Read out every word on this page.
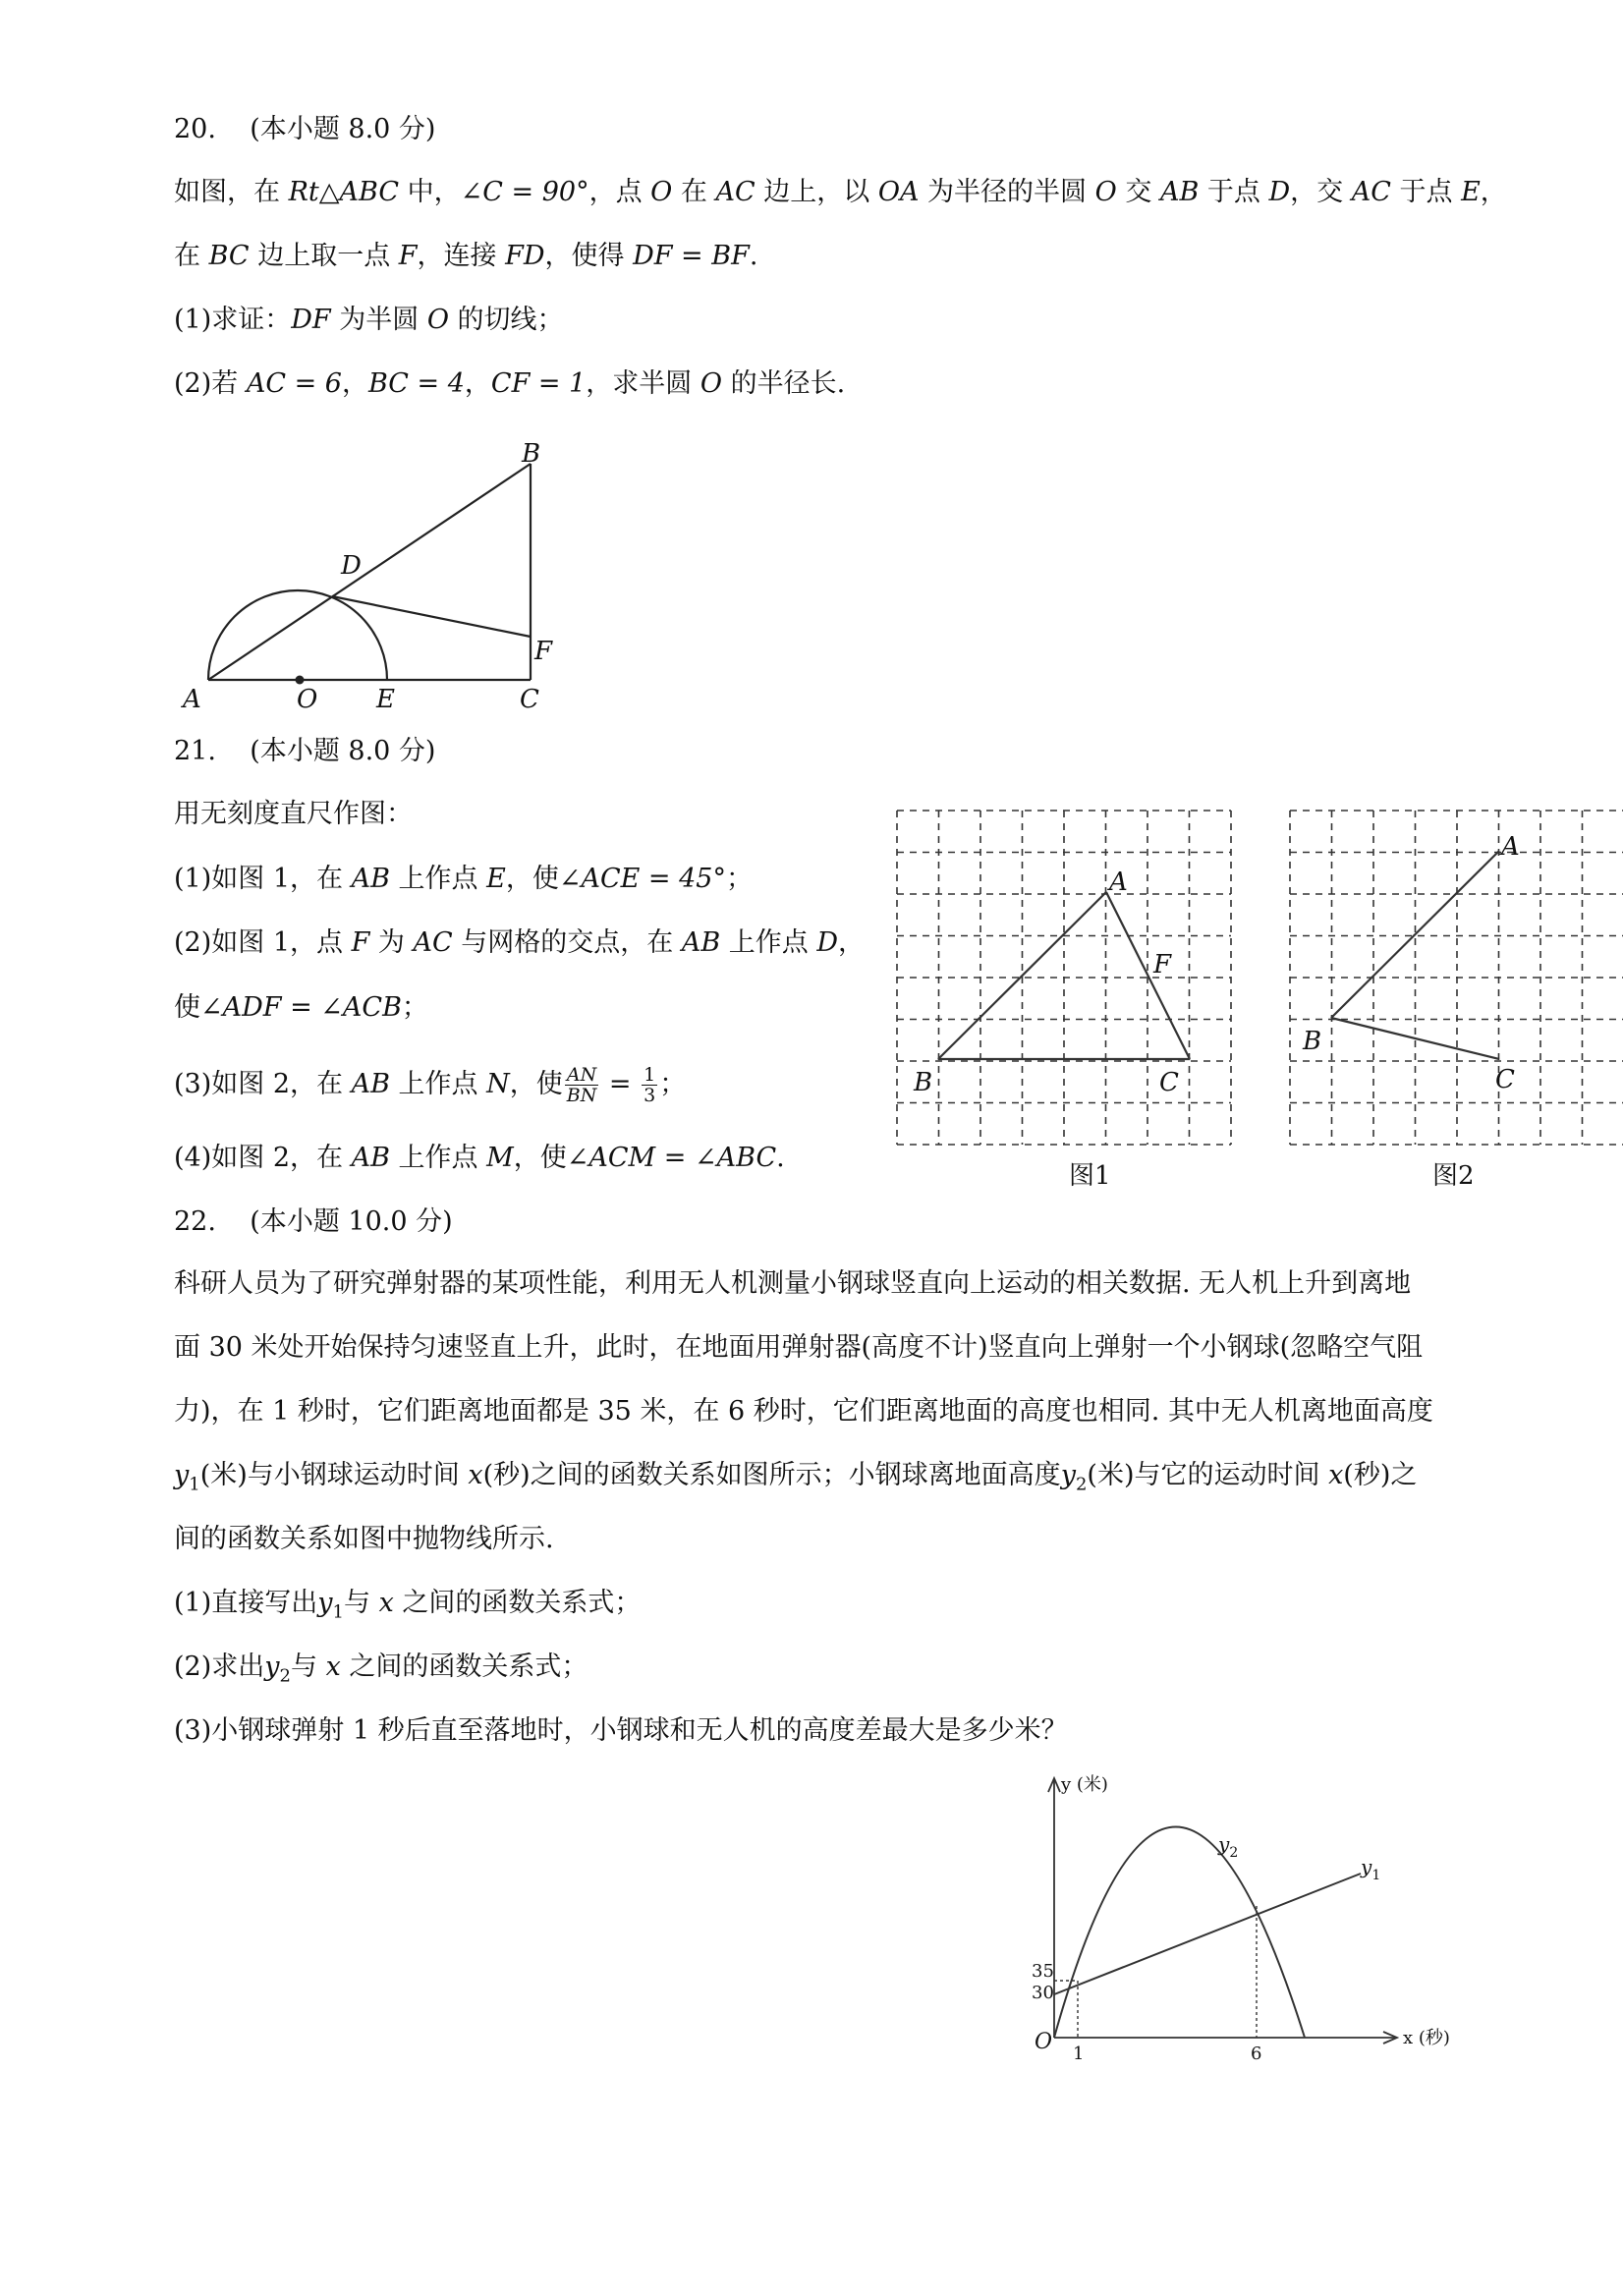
20. (本小题 8.0 分)
如图，在 Rt△ABC 中，∠C = 90°，点 O 在 AC 边上，以 OA 为半径的半圆 O 交 AB 于点 D，交 AC 于点 E，
在 BC 边上取一点 F，连接 FD，使得 DF = BF.
(1)求证：DF 为半圆 O 的切线；
(2)若 AC = 6，BC = 4，CF = 1，求半圆 O 的半径长.
A	O E	C
D
B
F
21. (本小题 8.0 分)
用无刻度直尺作图：
(1)如图 1，在 AB 上作点 E，使∠ACE = 45°；
(2)如图 1，点 F 为 AC 与网格的交点，在 AB 上作点 D，
使∠ADF = ∠ACB；
(3)如图 2，在 AB 上作点 N，使 $\frac{AN}{BN} = \frac{1}{3}$ ；
(4)如图 2，在 AB 上作点 M，使∠ACM = ∠ABC.
A
F
B	C
图1
A
B
C
图2
22. (本小题 10.0 分)
科研人员为了研究弹射器的某项性能，利用无人机测量小钢球竖直向上运动的相关数据. 无人机上升到离地
面 30 米处开始保持匀速竖直上升，此时，在地面用弹射器(高度不计)竖直向上弹射一个小钢球(忽略空气阻
力)，在 1 秒时，它们距离地面都是 35 米，在 6 秒时，它们距离地面的高度也相同. 其中无人机离地面高度
$y_1$(米)与小钢球运动时间 x(秒)之间的函数关系如图所示；小钢球离地面高度$y_2$(米)与它的运动时间 x(秒)之
间的函数关系如图中抛物线所示.
(1)直接写出$y_1$与 x 之间的函数关系式；
(2)求出$y_2$与 x 之间的函数关系式；
(3)小钢球弹射 1 秒后直至落地时，小钢球和无人机的高度差最大是多少米？
y (米)
x (秒)
O
35
30
1	6
$y_2$
$y_1$
